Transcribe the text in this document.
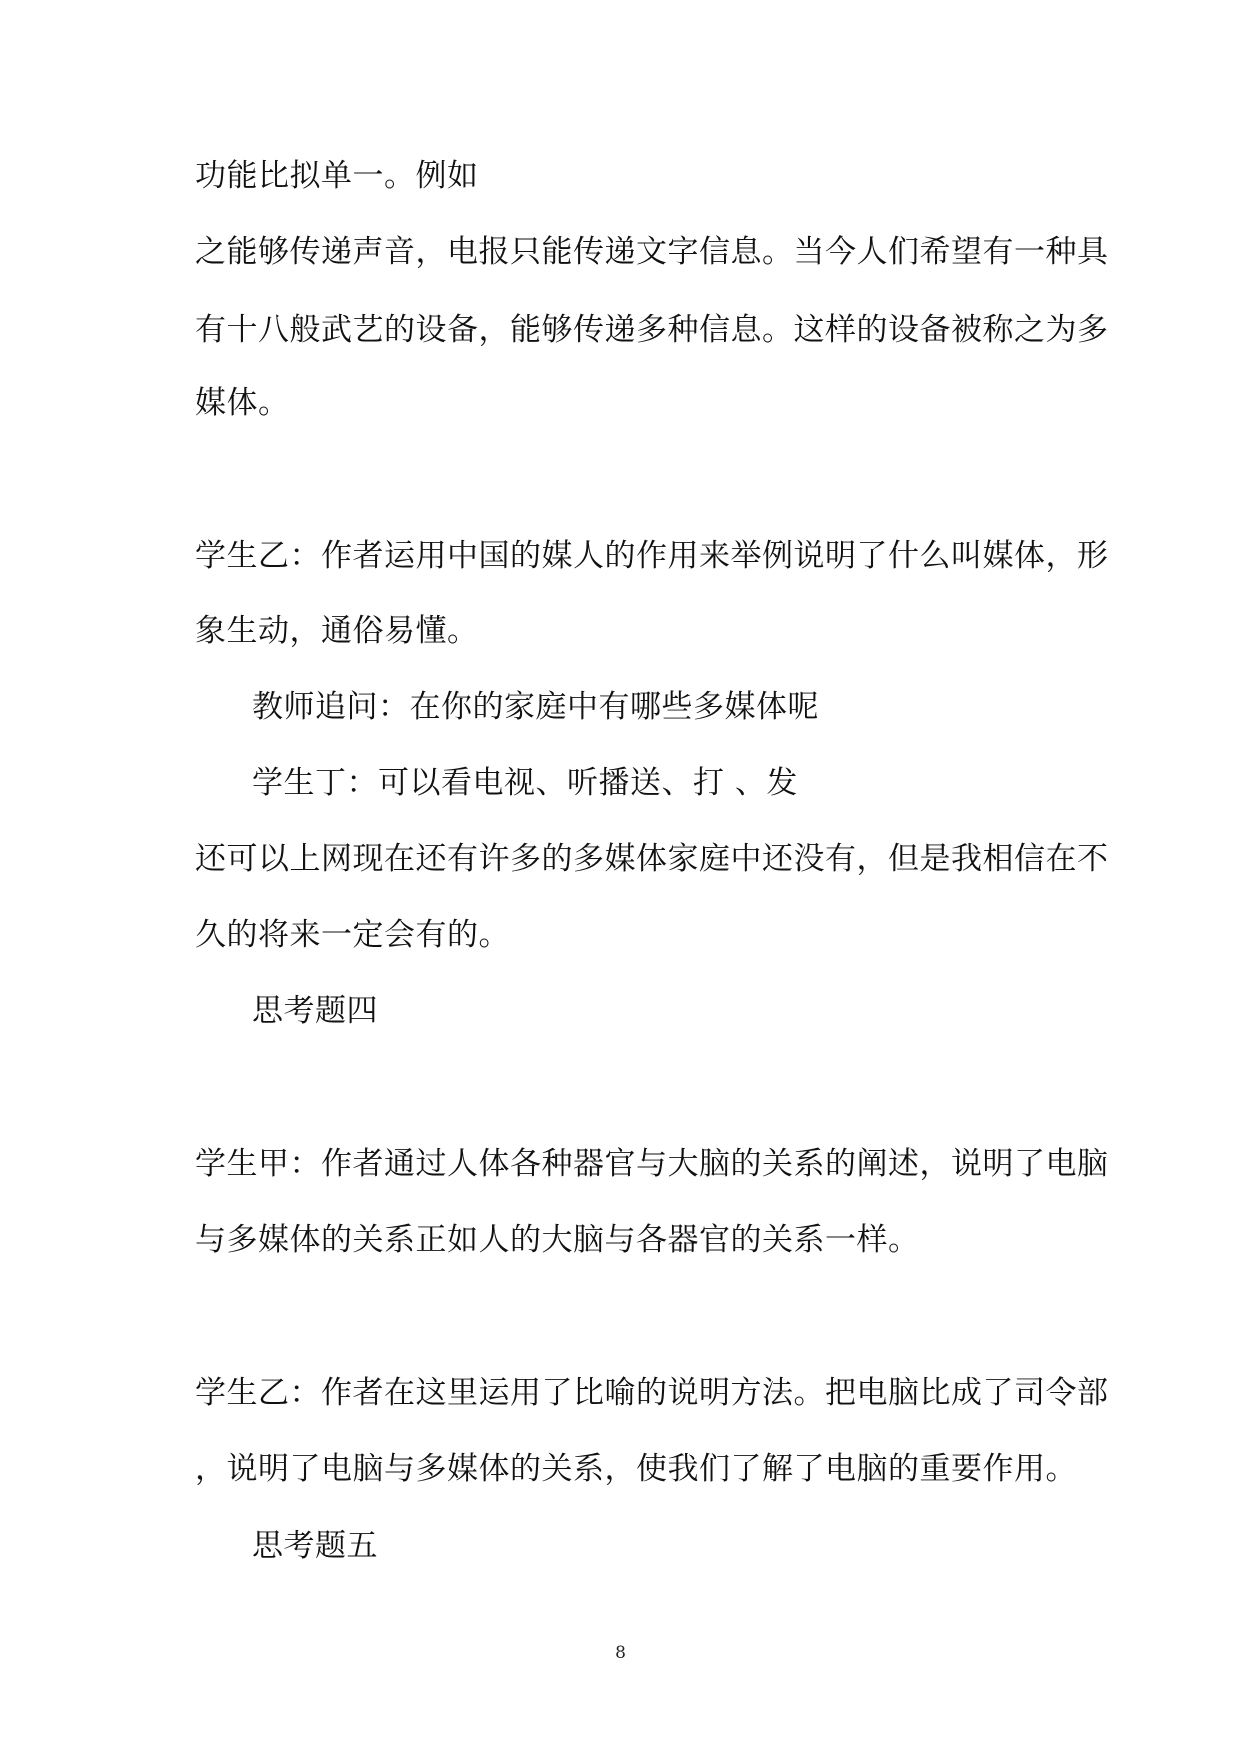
功能比拟单一。例如
之能够传递声音，电报只能传递文字信息。当今人们希望有一种具
有十八般武艺的设备，能够传递多种信息。这样的设备被称之为多
媒体。
学生乙：作者运用中国的媒人的作用来举例说明了什么叫媒体，形
象生动，通俗易懂。
教师追问：在你的家庭中有哪些多媒体呢
学生丁：可以看电视、听播送、打 、发
还可以上网现在还有许多的多媒体家庭中还没有，但是我相信在不
久的将来一定会有的。
思考题四
学生甲：作者通过人体各种器官与大脑的关系的阐述，说明了电脑
与多媒体的关系正如人的大脑与各器官的关系一样。
学生乙：作者在这里运用了比喻的说明方法。把电脑比成了司令部
，说明了电脑与多媒体的关系，使我们了解了电脑的重要作用。
思考题五
8
